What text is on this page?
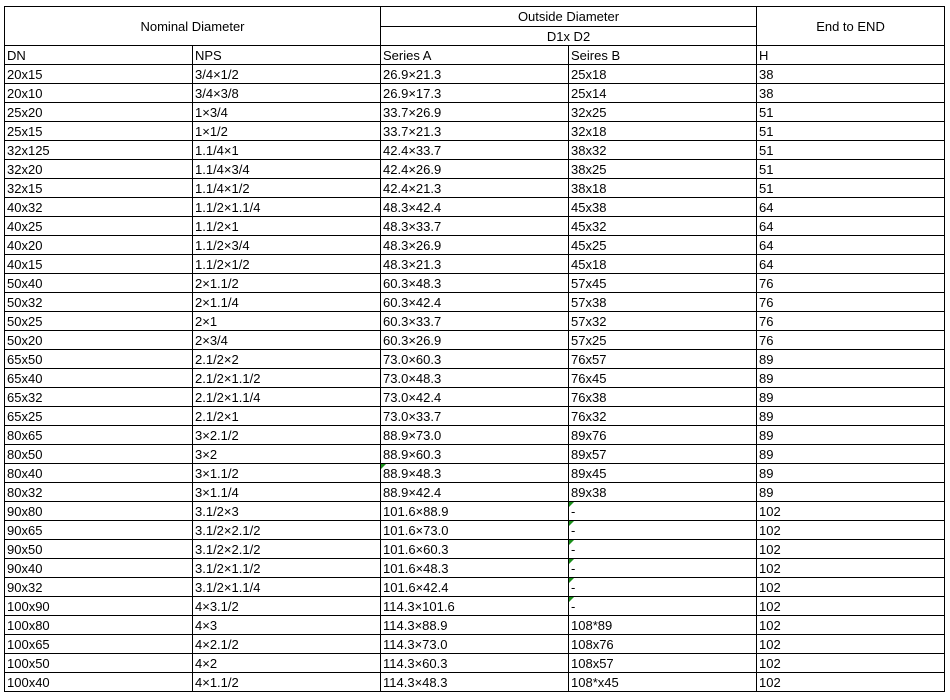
Nominal Diameter		Outside Diameter		End to END
		D1x D2		
DN	NPS	Series A	Seires B	H
20x15	3/4×1/2	26.9×21.3	25x18	38
20x10	3/4×3/8	26.9×17.3	25x14	38
25x20	1×3/4	33.7×26.9	32x25	51
25x15	1×1/2	33.7×21.3	32x18	51
32x125	1.1/4×1	42.4×33.7	38x32	51
32x20	1.1/4×3/4	42.4×26.9	38x25	51
32x15	1.1/4×1/2	42.4×21.3	38x18	51
40x32	1.1/2×1.1/4	48.3×42.4	45x38	64
40x25	1.1/2×1	48.3×33.7	45x32	64
40x20	1.1/2×3/4	48.3×26.9	45x25	64
40x15	1.1/2×1/2	48.3×21.3	45x18	64
50x40	2×1.1/2	60.3×48.3	57x45	76
50x32	2×1.1/4	60.3×42.4	57x38	76
50x25	2×1	60.3×33.7	57x32	76
50x20	2×3/4	60.3×26.9	57x25	76
65x50	2.1/2×2	73.0×60.3	76x57	89
65x40	2.1/2×1.1/2	73.0×48.3	76x45	89
65x32	2.1/2×1.1/4	73.0×42.4	76x38	89
65x25	2.1/2×1	73.0×33.7	76x32	89
80x65	3×2.1/2	88.9×73.0	89x76	89
80x50	3×2	88.9×60.3	89x57	89
80x40	3×1.1/2	88.9×48.3	89x45	89
80x32	3×1.1/4	88.9×42.4	89x38	89
90x80	3.1/2×3	101.6×88.9	-	102
90x65	3.1/2×2.1/2	101.6×73.0	-	102
90x50	3.1/2×2.1/2	101.6×60.3	-	102
90x40	3.1/2×1.1/2	101.6×48.3	-	102
90x32	3.1/2×1.1/4	101.6×42.4	-	102
100x90	4×3.1/2	114.3×101.6	-	102
100x80	4×3	114.3×88.9	108*89	102
100x65	4×2.1/2	114.3×73.0	108x76	102
100x50	4×2	114.3×60.3	108x57	102
100x40	4×1.1/2	114.3×48.3	108*x45	102
